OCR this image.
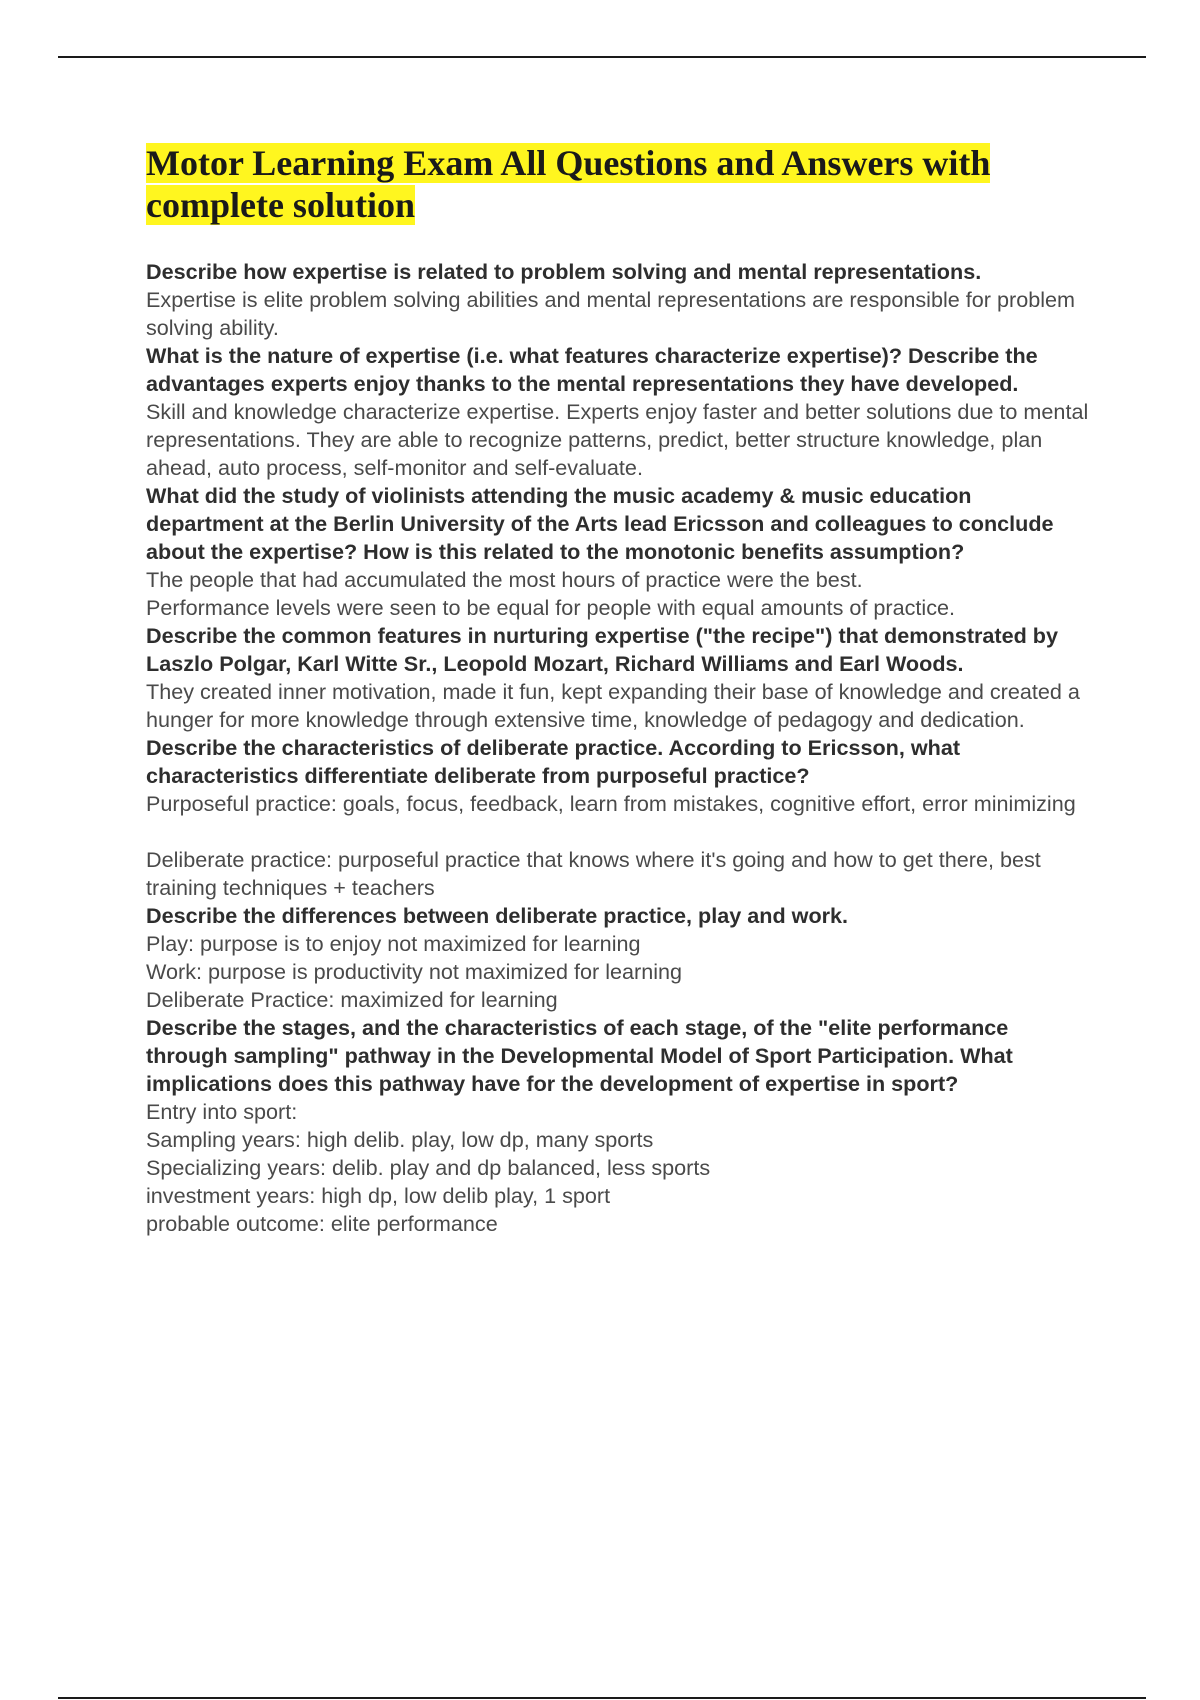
Motor Learning Exam All Questions and Answers with complete solution

Describe how expertise is related to problem solving and mental representations.

Expertise is elite problem solving abilities and mental representations are responsible for problem solving ability.

What is the nature of expertise (i.e. what features characterize expertise)? Describe the advantages experts enjoy thanks to the mental representations they have developed.

Skill and knowledge characterize expertise. Experts enjoy faster and better solutions due to mental representations. They are able to recognize patterns, predict, better structure knowledge, plan ahead, auto process, self-monitor and self-evaluate.

What did the study of violinists attending the music academy & music education department at the Berlin University of the Arts lead Ericsson and colleagues to conclude about the expertise? How is this related to the monotonic benefits assumption?

The people that had accumulated the most hours of practice were the best.
Performance levels were seen to be equal for people with equal amounts of practice.

Describe the common features in nurturing expertise ("the recipe") that demonstrated by Laszlo Polgar, Karl Witte Sr., Leopold Mozart, Richard Williams and Earl Woods.

They created inner motivation, made it fun, kept expanding their base of knowledge and created a hunger for more knowledge through extensive time, knowledge of pedagogy and dedication.

Describe the characteristics of deliberate practice. According to Ericsson, what characteristics differentiate deliberate from purposeful practice?

Purposeful practice: goals, focus, feedback, learn from mistakes, cognitive effort, error minimizing

Deliberate practice: purposeful practice that knows where it's going and how to get there, best training techniques + teachers

Describe the differences between deliberate practice, play and work.

Play: purpose is to enjoy not maximized for learning
Work: purpose is productivity not maximized for learning
Deliberate Practice: maximized for learning

Describe the stages, and the characteristics of each stage, of the "elite performance through sampling" pathway in the Developmental Model of Sport Participation. What implications does this pathway have for the development of expertise in sport?

Entry into sport:
Sampling years: high delib. play, low dp, many sports
Specializing years: delib. play and dp balanced, less sports
investment years: high dp, low delib play, 1 sport
probable outcome: elite performance
